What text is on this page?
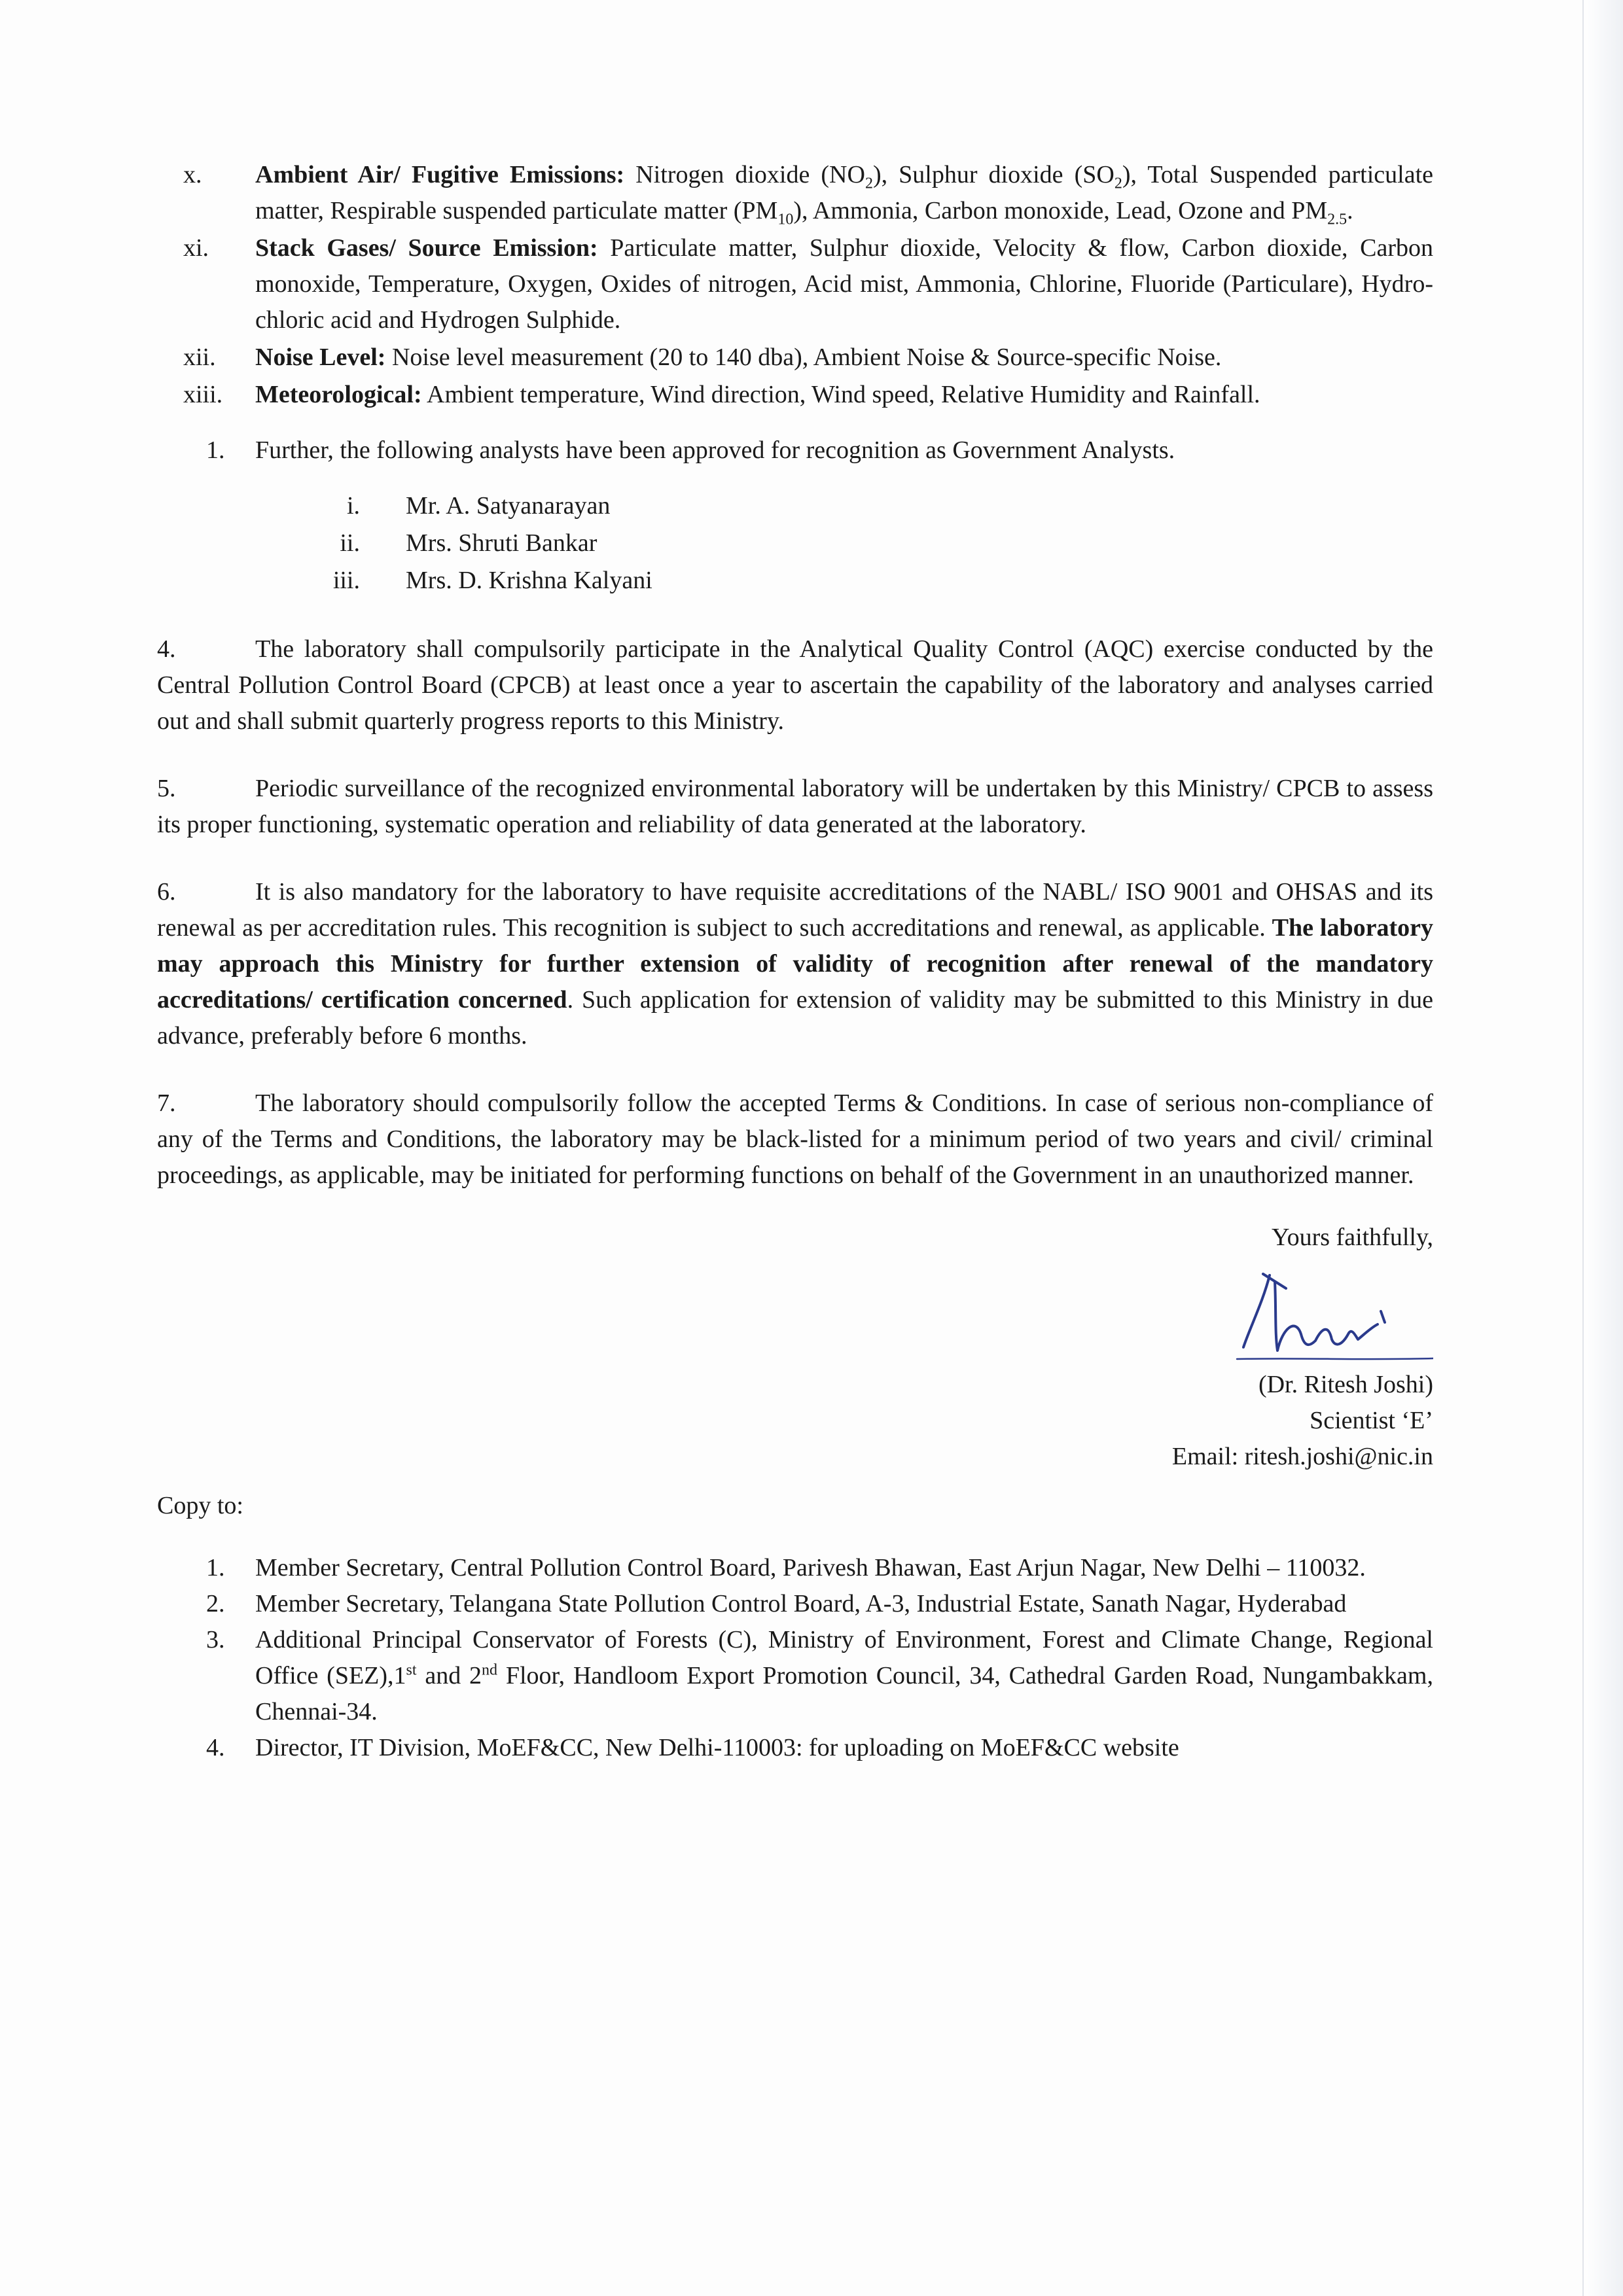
x.	Ambient Air/ Fugitive Emissions: Nitrogen dioxide $(NO_2)$, Sulphur dioxide $(SO_2)$, Total Suspended particulate matter, Respirable suspended particulate matter $(PM_{10})$, Ammonia, Carbon monoxide, Lead, Ozone and $PM_{2.5}$.
xi.	Stack Gases/ Source Emission: Particulate matter, Sulphur dioxide, Velocity & flow, Carbon dioxide, Carbon monoxide, Temperature, Oxygen, Oxides of nitrogen, Acid mist, Ammonia, Chlorine, Fluoride (Particulare), Hydro-chloric acid and Hydrogen Sulphide.
xii.	Noise Level: Noise level measurement (20 to 140 dba), Ambient Noise & Source-specific Noise.
xiii.	Meteorological: Ambient temperature, Wind direction, Wind speed, Relative Humidity and Rainfall.
1. Further, the following analysts have been approved for recognition as Government Analysts.
i. Mr. A. Satyanarayan
ii. Mrs. Shruti Bankar
iii. Mrs. D. Krishna Kalyani

4.	The laboratory shall compulsorily participate in the Analytical Quality Control (AQC) exercise conducted by the Central Pollution Control Board (CPCB) at least once a year to ascertain the capability of the laboratory and analyses carried out and shall submit quarterly progress reports to this Ministry.

5.	Periodic surveillance of the recognized environmental laboratory will be undertaken by this Ministry/ CPCB to assess its proper functioning, systematic operation and reliability of data generated at the laboratory.

6.	It is also mandatory for the laboratory to have requisite accreditations of the NABL/ ISO 9001 and OHSAS and its renewal as per accreditation rules. This recognition is subject to such accreditations and renewal, as applicable. The laboratory may approach this Ministry for further extension of validity of recognition after renewal of the mandatory accreditations/ certification concerned. Such application for extension of validity may be submitted to this Ministry in due advance, preferably before 6 months.

7.	The laboratory should compulsorily follow the accepted Terms & Conditions. In case of serious non-compliance of any of the Terms and Conditions, the laboratory may be black-listed for a minimum period of two years and civil/ criminal proceedings, as applicable, may be initiated for performing functions on behalf of the Government in an unauthorized manner.

Yours faithfully,
(Dr. Ritesh Joshi)
Scientist ‘E’
Email: ritesh.joshi@nic.in
Copy to:
1. Member Secretary, Central Pollution Control Board, Parivesh Bhawan, East Arjun Nagar, New Delhi – 110032.
2. Member Secretary, Telangana State Pollution Control Board, A-3, Industrial Estate, Sanath Nagar, Hyderabad
3. Additional Principal Conservator of Forests (C), Ministry of Environment, Forest and Climate Change, Regional Office (SEZ),1st and 2nd Floor, Handloom Export Promotion Council, 34, Cathedral Garden Road, Nungambakkam, Chennai-34.
4. Director, IT Division, MoEF&CC, New Delhi-110003: for uploading on MoEF&CC website
